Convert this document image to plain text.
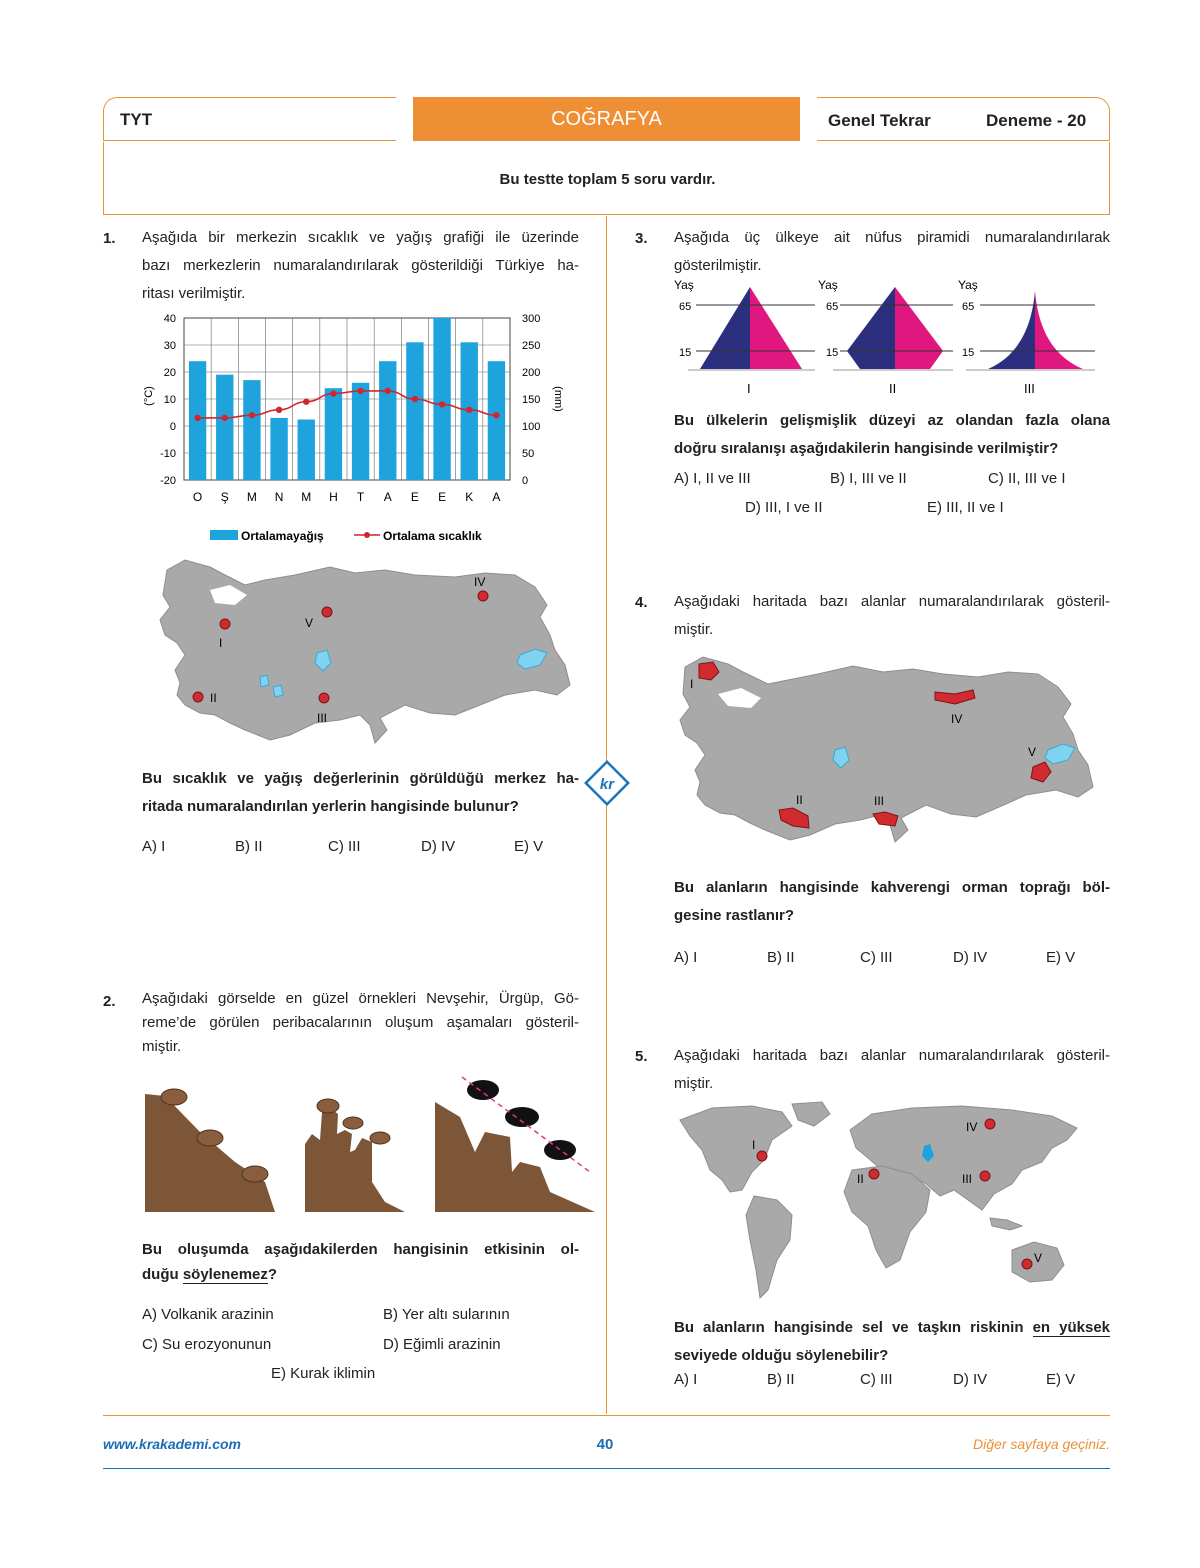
TYT	COĞRAFYA	Genel Tekrar	Deneme - 20
Bu testte toplam 5 soru vardır.
1. Aşağıda bir merkezin sıcaklık ve yağış grafiği ile üzerinde
bazı merkezlerin numaralandırılarak gösterildiği Türkiye ha-
ritası verilmiştir.
40
30
20
10
0
-10
-20
300
250
200
150
100
50
0
O Ş M N M H T A E E K A
(°C)	(mm)
Ortalamayağış	Ortalama sıcaklık
I
II
III
IV
V
Bu sıcaklık ve yağış değerlerinin görüldüğü merkez ha-
ritada numaralandırılan yerlerin hangisinde bulunur?
A) I	B) II	C) III	D) IV	E) V
kr
2. Aşağıdaki görselde en güzel örnekleri Nevşehir, Ürgüp, Gö-
reme’de görülen peribacalarının oluşum aşamaları gösteril-
miştir.
Bu oluşumda aşağıdakilerden hangisinin etkisinin ol-
duğu söylenemez?
A) Volkanik arazinin	B) Yer altı sularının
C) Su erozyonunun	D) Eğimli arazinin
E) Kurak iklimin
3. Aşağıda üç ülkeye ait nüfus piramidi numaralandırılarak
gösterilmiştir.
Yaş
65
15
I
Yaş
65
15
II
Yaş
65
15
III
Bu ülkelerin gelişmişlik düzeyi az olandan fazla olana
doğru sıralanışı aşağıdakilerin hangisinde verilmiştir?
A) I, II ve III	B) I, III ve II	C) II, III ve I
D) III, I ve II	E) III, II ve I
4. Aşağıdaki haritada bazı alanlar numaralandırılarak gösteril-
miştir.
I
II	III
IV
V
Bu alanların hangisinde kahverengi orman toprağı böl-
gesine rastlanır?
A) I	B) II	C) III	D) IV	E) V
5. Aşağıdaki haritada bazı alanlar numaralandırılarak gösteril-
miştir.
I
II	III
IV
V
Bu alanların hangisinde sel ve taşkın riskinin en yüksek
seviyede olduğu söylenebilir?
A) I	B) II	C) III	D) IV	E) V
www.krakademi.com	40	Diğer sayfaya geçiniz.
